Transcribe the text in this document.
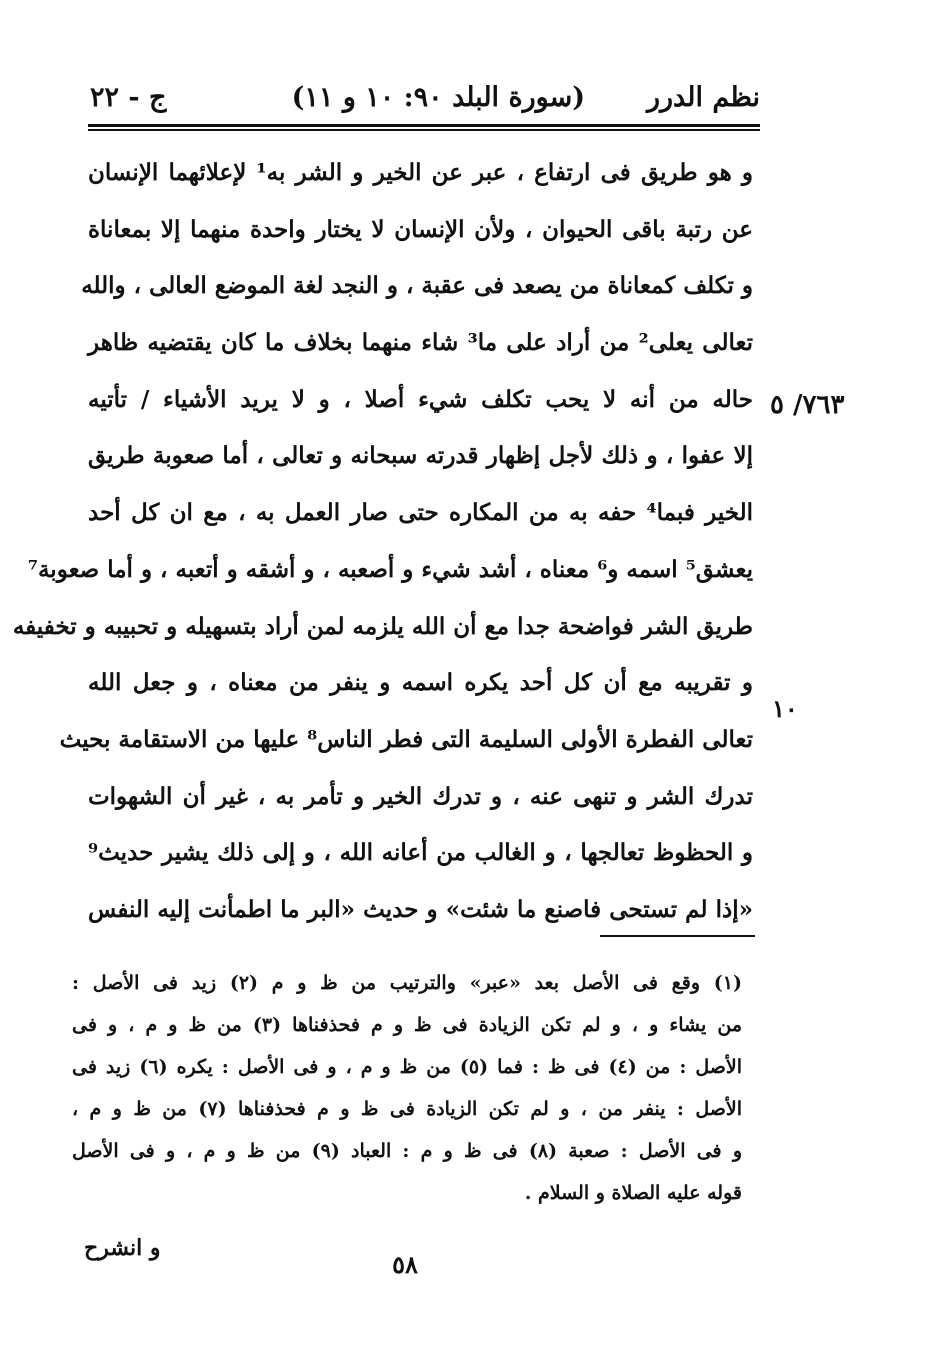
نظم الدرر
(سورة البلد ٩٠: ١٠ و ١١)
ج - ٢٢
و هو طريق فى ارتفاع ، عبر عن الخير و الشر به¹ لإعلائهما الإنسان
عن رتبة باقى الحيوان ، ولأن الإنسان لا يختار واحدة منهما إلا بمعاناة
و تكلف كمعاناة من يصعد فى عقبة ، و النجد لغة الموضع العالى ، والله
تعالى يعلى² من أراد على ما³ شاء منهما بخلاف ما كان يقتضيه ظاهر
حاله من أنه لا يحب تكلف شيء أصلا ، و لا يريد الأشياء / تأتيه
إلا عفوا ، و ذلك لأجل إظهار قدرته سبحانه و تعالى ، أما صعوبة طريق
الخير فبما⁴ حفه به من المكاره حتى صار العمل به ، مع ان كل أحد
يعشق⁵ اسمه و⁶ معناه ، أشد شيء و أصعبه ، و أشقه و أتعبه ، و أما صعوبة⁷
طريق الشر فواضحة جدا مع أن الله يلزمه لمن أراد بتسهيله و تحبيبه و تخفيفه
و تقريبه مع أن كل أحد يكره اسمه و ينفر من معناه ، و جعل الله
تعالى الفطرة الأولى السليمة التى فطر الناس⁸ عليها من الاستقامة بحيث
تدرك الشر و تنهى عنه ، و تدرك الخير و تأمر به ، غير أن الشهوات
و الحظوظ تعالجها ، و الغالب من أعانه الله ، و إلى ذلك يشير حديث⁹
«إذا لم تستحى فاصنع ما شئت» و حديث «البر ما اطمأنت إليه النفس
٧٦٣/ ٥
١٠
(١) وقع فى الأصل بعد «عبر» والترتيب من ظ و م (٢) زيد فى الأصل :
من يشاء و ، و لم تكن الزيادة فى ظ و م فحذفناها (٣) من ظ و م ، و فى
الأصل : من (٤) فى ظ : فما (٥) من ظ و م ، و فى الأصل : يكره (٦) زيد فى
الأصل : ينفر من ، و لم تكن الزيادة فى ظ و م فحذفناها (٧) من ظ و م ،
و فى الأصل : صعبة (٨) فى ظ و م : العباد (٩) من ظ و م ، و فى الأصل
قوله عليه الصلاة و السلام .
و انشرح
٥٨
